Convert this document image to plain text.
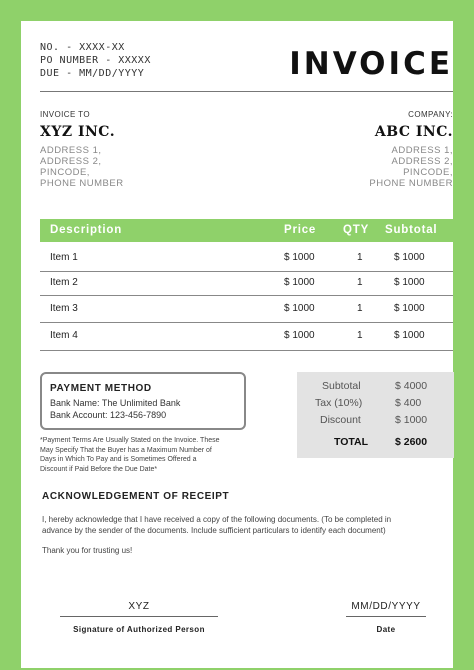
NO. - XXXX-XX
PO NUMBER - XXXXX
DUE - MM/DD/YYYY	INVOICE
INVOICE TO
XYZ INC.
ADDRESS 1,
ADDRESS 2,
PINCODE,
PHONE NUMBER
COMPANY:
ABC INC.
ADDRESS 1,
ADDRESS 2,
PINCODE,
PHONE NUMBER
Description	Price QTY Subtotal
Item 1	$ 1000	1	$ 1000
Item 2	$ 1000	1	$ 1000
Item 3	$ 1000	1	$ 1000
Item 4	$ 1000	1	$ 1000
PAYMENT METHOD
Bank Name: The Unlimited Bank
Bank Account: 123-456-7890
*Payment Terms Are Usually Stated on the Invoice. These
May Specify That the Buyer has a Maximum Number of
Days in Which To Pay and is Sometimes Offered a
Discount if Paid Before the Due Date*
Subtotal	$ 4000
Tax (10%)	$ 400
Discount	$ 1000
TOTAL	$ 2600
ACKNOWLEDGEMENT OF RECEIPT
I, hereby acknowledge that I have received a copy of the following documents. (To be completed in
advance by the sender of the documents. Include sufficient particulars to identify each document)
Thank you for trusting us!
XYZ
Signature of Authorized Person
MM/DD/YYYY
Date
